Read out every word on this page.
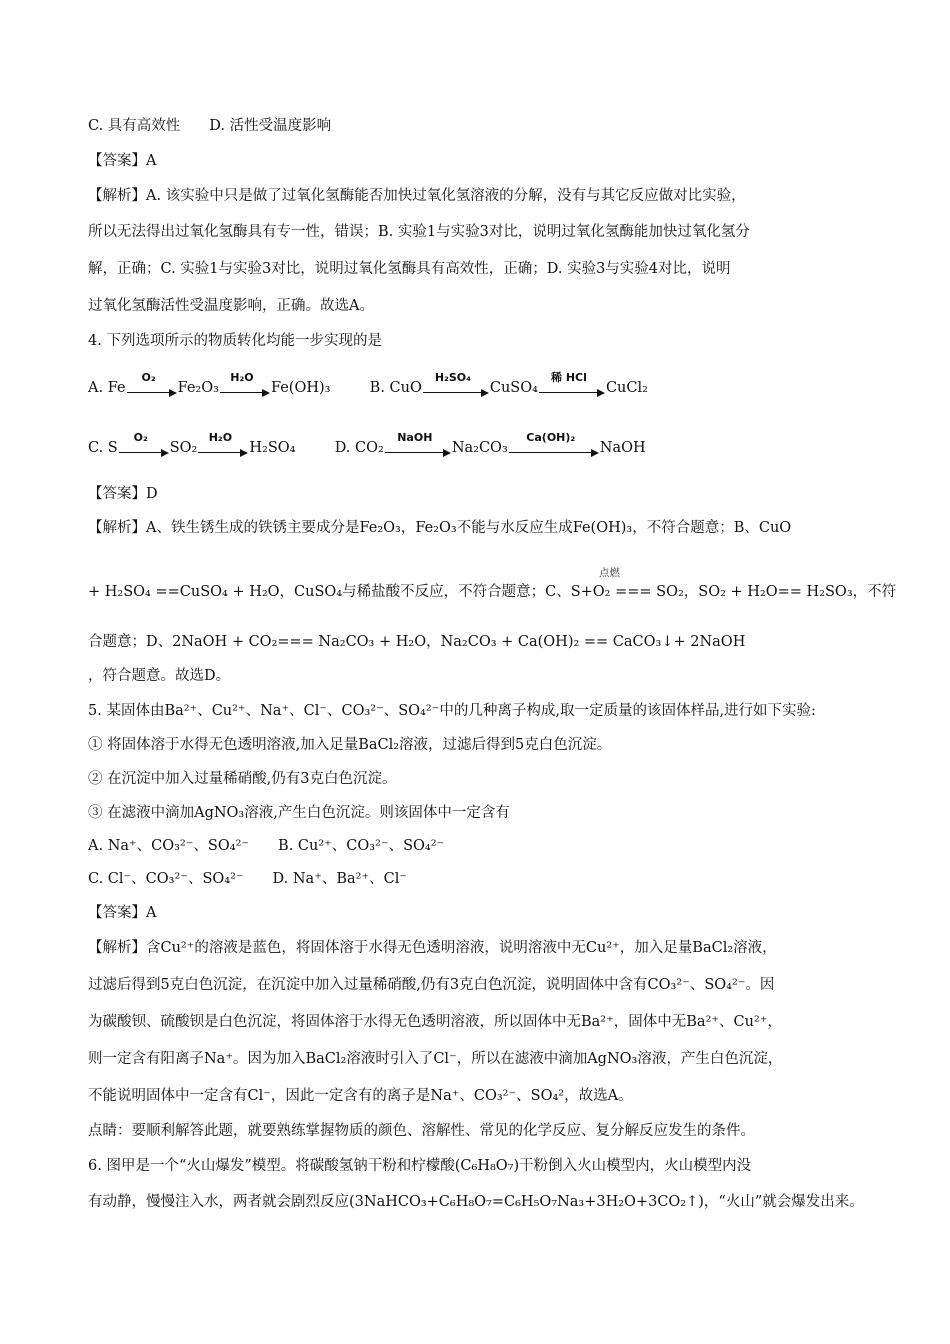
C. 具有高效性　　D. 活性受温度影响
【答案】A
【解析】A. 该实验中只是做了过氧化氢酶能否加快过氧化氢溶液的分解，没有与其它反应做对比实验，
所以无法得出过氧化氢酶具有专一性，错误；B. 实验1与实验3对比，说明过氧化氢酶能加快过氧化氢分
解，正确；C. 实验1与实验3对比，说明过氧化氢酶具有高效性，正确；D. 实验3与实验4对比，说明
过氧化氢酶活性受温度影响，正确。故选A。
4. 下列选项所示的物质转化均能一步实现的是
A. Fe
O₂
Fe₂O₃
H₂O
Fe(OH)₃	B. CuO
H₂SO₄
CuSO₄
稀 HCl
CuCl₂
C. S
O₂
SO₂
H₂O
H₂SO₄	D. CO₂
NaOH
Na₂CO₃
Ca(OH)₂
NaOH
【答案】D
【解析】A、铁生锈生成的铁锈主要成分是Fe₂O₃，Fe₂O₃不能与水反应生成Fe(OH)₃，不符合题意；B、CuO
点燃
+ H₂SO₄ ==CuSO₄ + H₂O，CuSO₄与稀盐酸不反应，不符合题意；C、S+O₂ === SO₂，SO₂ + H₂O== H₂SO₃，不符
合题意；D、2NaOH + CO₂=== Na₂CO₃ + H₂O，Na₂CO₃ + Ca(OH)₂ == CaCO₃↓+ 2NaOH
，符合题意。故选D。
5. 某固体由Ba²⁺、Cu²⁺、Na⁺、Cl⁻、CO₃²⁻、SO₄²⁻中的几种离子构成,取一定质量的该固体样品,进行如下实验:
① 将固体溶于水得无色透明溶液,加入足量BaCl₂溶液，过滤后得到5克白色沉淀。
② 在沉淀中加入过量稀硝酸,仍有3克白色沉淀。
③ 在滤液中滴加AgNO₃溶液,产生白色沉淀。则该固体中一定含有
A. Na⁺、CO₃²⁻、SO₄²⁻　　B. Cu²⁺、CO₃²⁻、SO₄²⁻
C. Cl⁻、CO₃²⁻、SO₄²⁻　　D. Na⁺、Ba²⁺、Cl⁻
【答案】A
【解析】含Cu²⁺的溶液是蓝色，将固体溶于水得无色透明溶液，说明溶液中无Cu²⁺，加入足量BaCl₂溶液，
过滤后得到5克白色沉淀，在沉淀中加入过量稀硝酸,仍有3克白色沉淀，说明固体中含有CO₃²⁻、SO₄²⁻。因
为碳酸钡、硫酸钡是白色沉淀，将固体溶于水得无色透明溶液，所以固体中无Ba²⁺，固体中无Ba²⁺、Cu²⁺，
则一定含有阳离子Na⁺。因为加入BaCl₂溶液时引入了Cl⁻，所以在滤液中滴加AgNO₃溶液，产生白色沉淀，
不能说明固体中一定含有Cl⁻，因此一定含有的离子是Na⁺、CO₃²⁻、SO₄²，故选A。
点睛：要顺利解答此题，就要熟练掌握物质的颜色、溶解性、常见的化学反应、复分解反应发生的条件。
6. 图甲是一个“火山爆发”模型。将碳酸氢钠干粉和柠檬酸(C₆H₈O₇)干粉倒入火山模型内，火山模型内没
有动静，慢慢注入水，两者就会剧烈反应(3NaHCO₃+C₆H₈O₇=C₆H₅O₇Na₃+3H₂O+3CO₂↑)，“火山”就会爆发出来。
